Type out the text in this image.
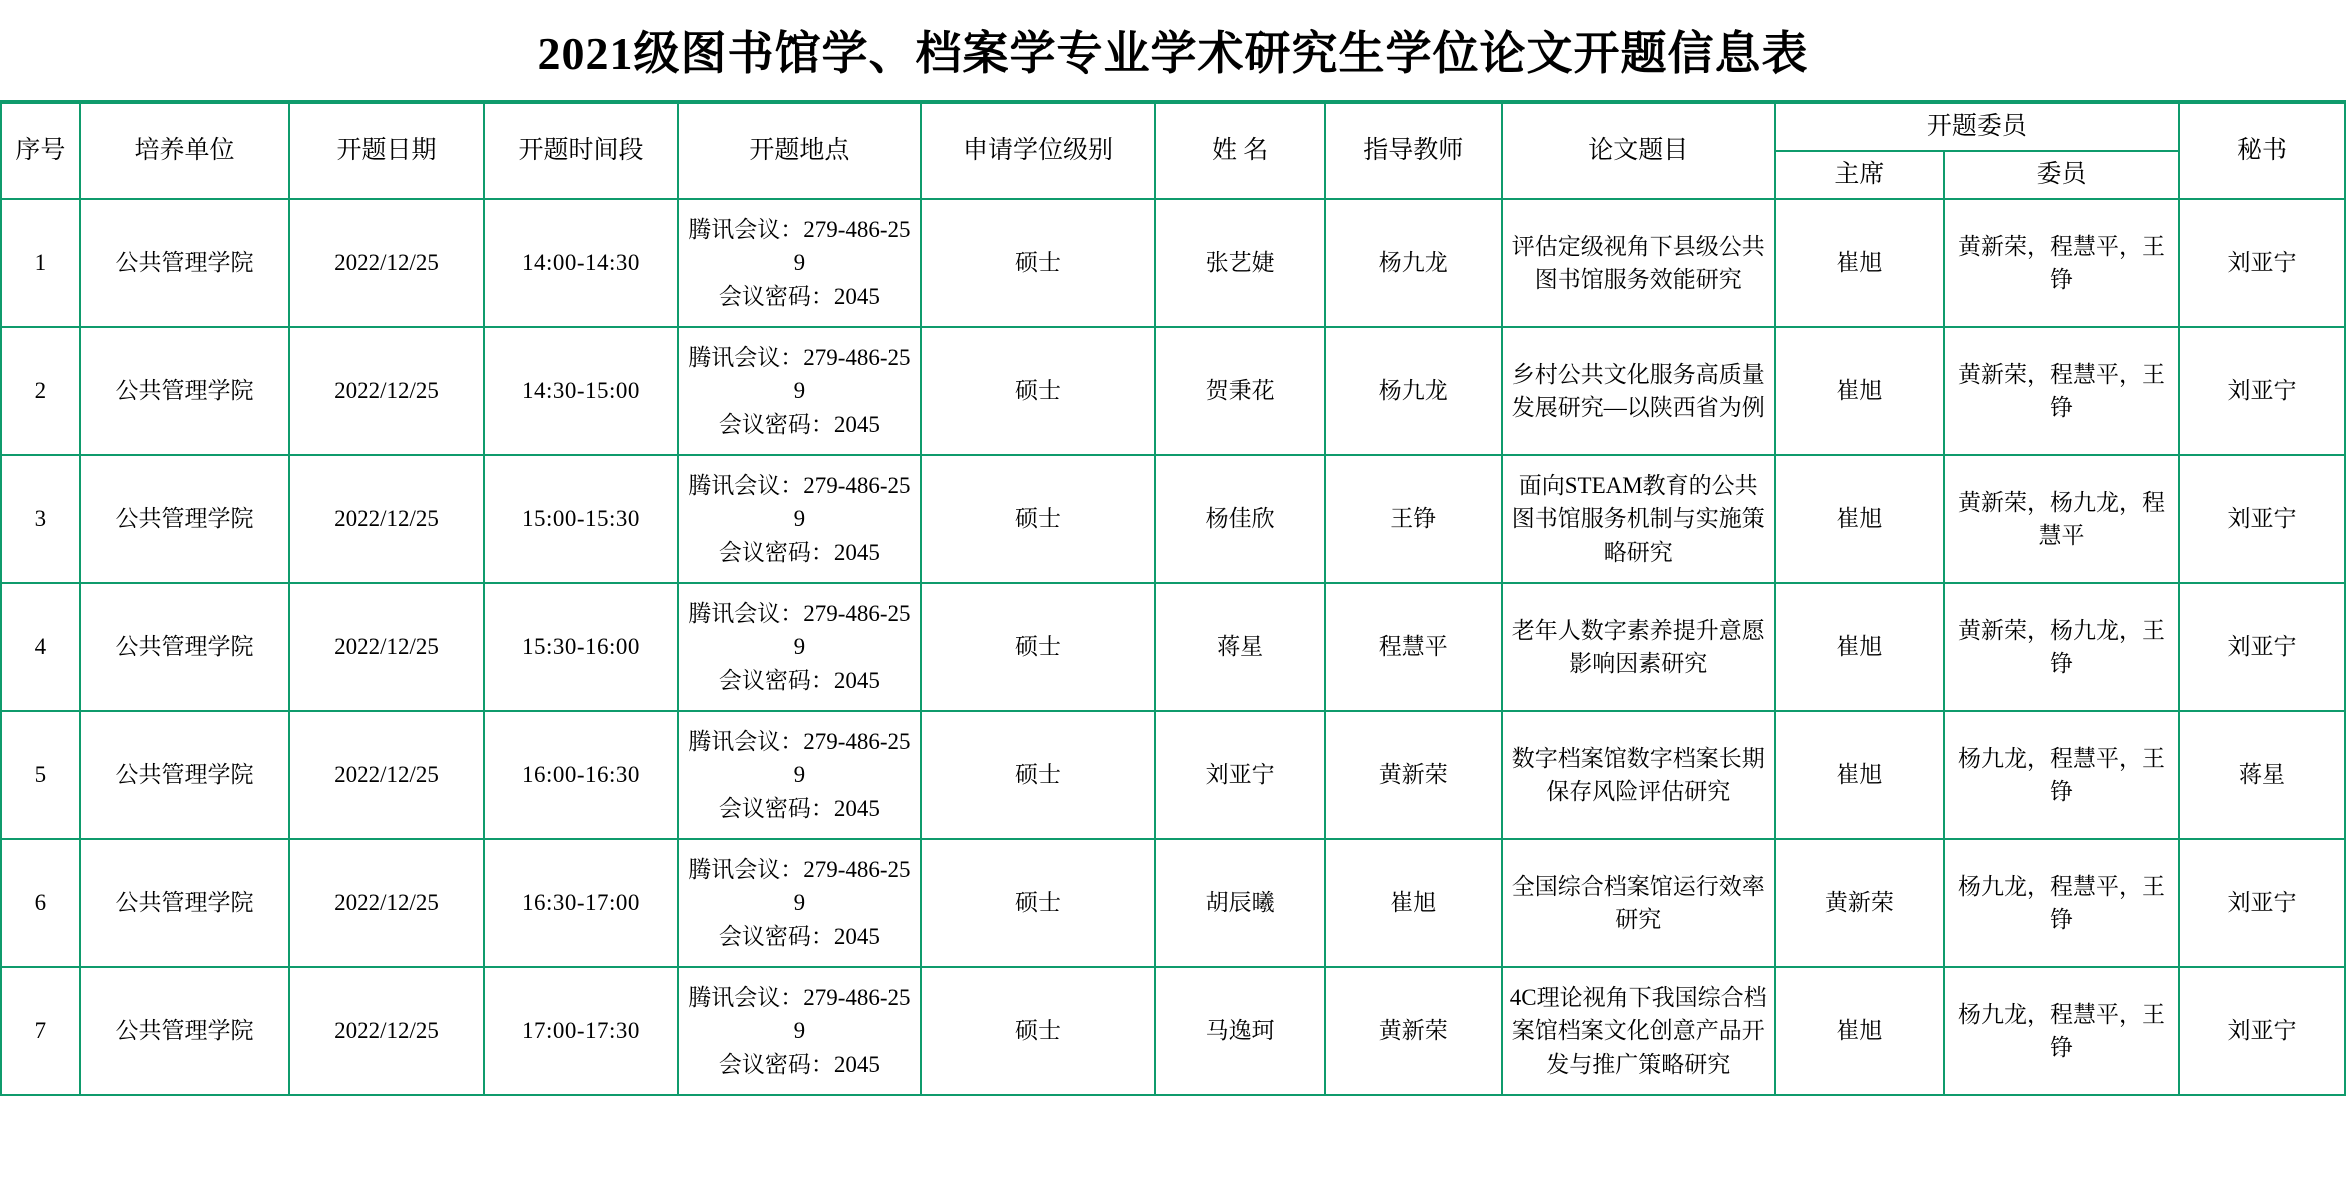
2021级图书馆学、档案学专业学术研究生学位论文开题信息表
序号	培养单位	开题日期	开题时间段	开题地点	申请学位级别	姓 名	指导教师	论文题目	开题委员		秘书
									主席	委员	
1	公共管理学院	2022/12/25	14:00-14:30	腾讯会议：279-486-259
会议密码：2045	硕士	张艺婕	杨九龙	评估定级视角下县级公共图书馆服务效能研究	崔旭	黄新荣，程慧平，王铮	刘亚宁
2	公共管理学院	2022/12/25	14:30-15:00	腾讯会议：279-486-259
会议密码：2045	硕士	贺秉花	杨九龙	乡村公共文化服务高质量发展研究—以陕西省为例	崔旭	黄新荣，程慧平，王铮	刘亚宁
3	公共管理学院	2022/12/25	15:00-15:30	腾讯会议：279-486-259
会议密码：2045	硕士	杨佳欣	王铮	面向STEAM教育的公共图书馆服务机制与实施策略研究	崔旭	黄新荣，杨九龙，程慧平	刘亚宁
4	公共管理学院	2022/12/25	15:30-16:00	腾讯会议：279-486-259
会议密码：2045	硕士	蒋星	程慧平	老年人数字素养提升意愿影响因素研究	崔旭	黄新荣，杨九龙，王铮	刘亚宁
5	公共管理学院	2022/12/25	16:00-16:30	腾讯会议：279-486-259
会议密码：2045	硕士	刘亚宁	黄新荣	数字档案馆数字档案长期保存风险评估研究	崔旭	杨九龙，程慧平，王铮	蒋星
6	公共管理学院	2022/12/25	16:30-17:00	腾讯会议：279-486-259
会议密码：2045	硕士	胡辰曦	崔旭	全国综合档案馆运行效率研究	黄新荣	杨九龙，程慧平，王铮	刘亚宁
7	公共管理学院	2022/12/25	17:00-17:30	腾讯会议：279-486-259
会议密码：2045	硕士	马逸珂	黄新荣	4C理论视角下我国综合档案馆档案文化创意产品开发与推广策略研究	崔旭	杨九龙，程慧平，王铮	刘亚宁
